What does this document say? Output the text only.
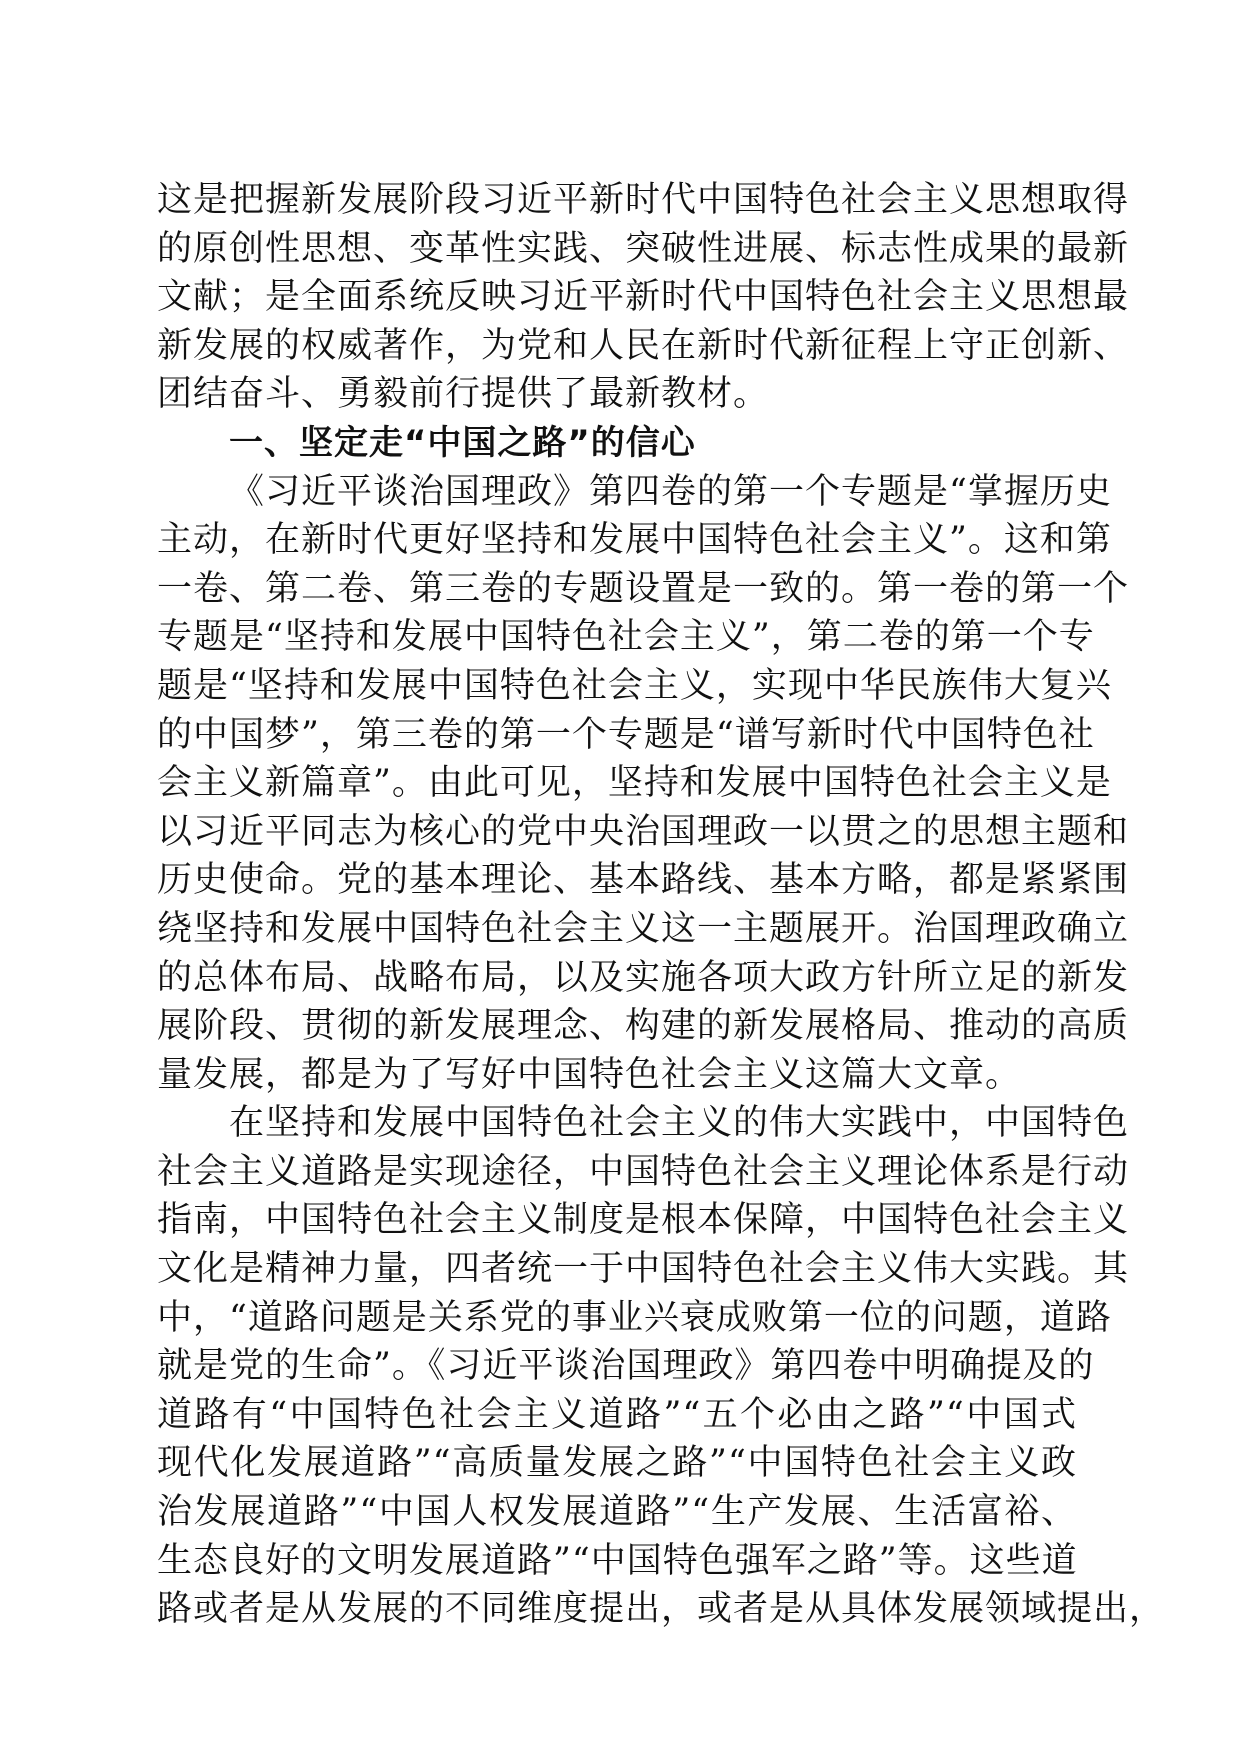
这是把握新发展阶段习近平新时代中国特色社会主义思想取得
的原创性思想、变革性实践、突破性进展、标志性成果的最新
文献；是全面系统反映习近平新时代中国特色社会主义思想最
新发展的权威著作，为党和人民在新时代新征程上守正创新、
团结奋斗、勇毅前行提供了最新教材。
一、坚定走“中国之路”的信心
《习近平谈治国理政》第四卷的第一个专题是“掌握历史
主动，在新时代更好坚持和发展中国特色社会主义”。这和第
一卷、第二卷、第三卷的专题设置是一致的。第一卷的第一个
专题是“坚持和发展中国特色社会主义”，第二卷的第一个专
题是“坚持和发展中国特色社会主义，实现中华民族伟大复兴
的中国梦”，第三卷的第一个专题是“谱写新时代中国特色社
会主义新篇章”。由此可见，坚持和发展中国特色社会主义是
以习近平同志为核心的党中央治国理政一以贯之的思想主题和
历史使命。党的基本理论、基本路线、基本方略，都是紧紧围
绕坚持和发展中国特色社会主义这一主题展开。治国理政确立
的总体布局、战略布局，以及实施各项大政方针所立足的新发
展阶段、贯彻的新发展理念、构建的新发展格局、推动的高质
量发展，都是为了写好中国特色社会主义这篇大文章。
在坚持和发展中国特色社会主义的伟大实践中，中国特色
社会主义道路是实现途径，中国特色社会主义理论体系是行动
指南，中国特色社会主义制度是根本保障，中国特色社会主义
文化是精神力量，四者统一于中国特色社会主义伟大实践。其
中，“道路问题是关系党的事业兴衰成败第一位的问题，道路
就是党的生命”。《习近平谈治国理政》第四卷中明确提及的
道路有“中国特色社会主义道路”“五个必由之路”“中国式
现代化发展道路”“高质量发展之路”“中国特色社会主义政
治发展道路”“中国人权发展道路”“生产发展、生活富裕、
生态良好的文明发展道路”“中国特色强军之路”等。这些道
路或者是从发展的不同维度提出，或者是从具体发展领域提出，
